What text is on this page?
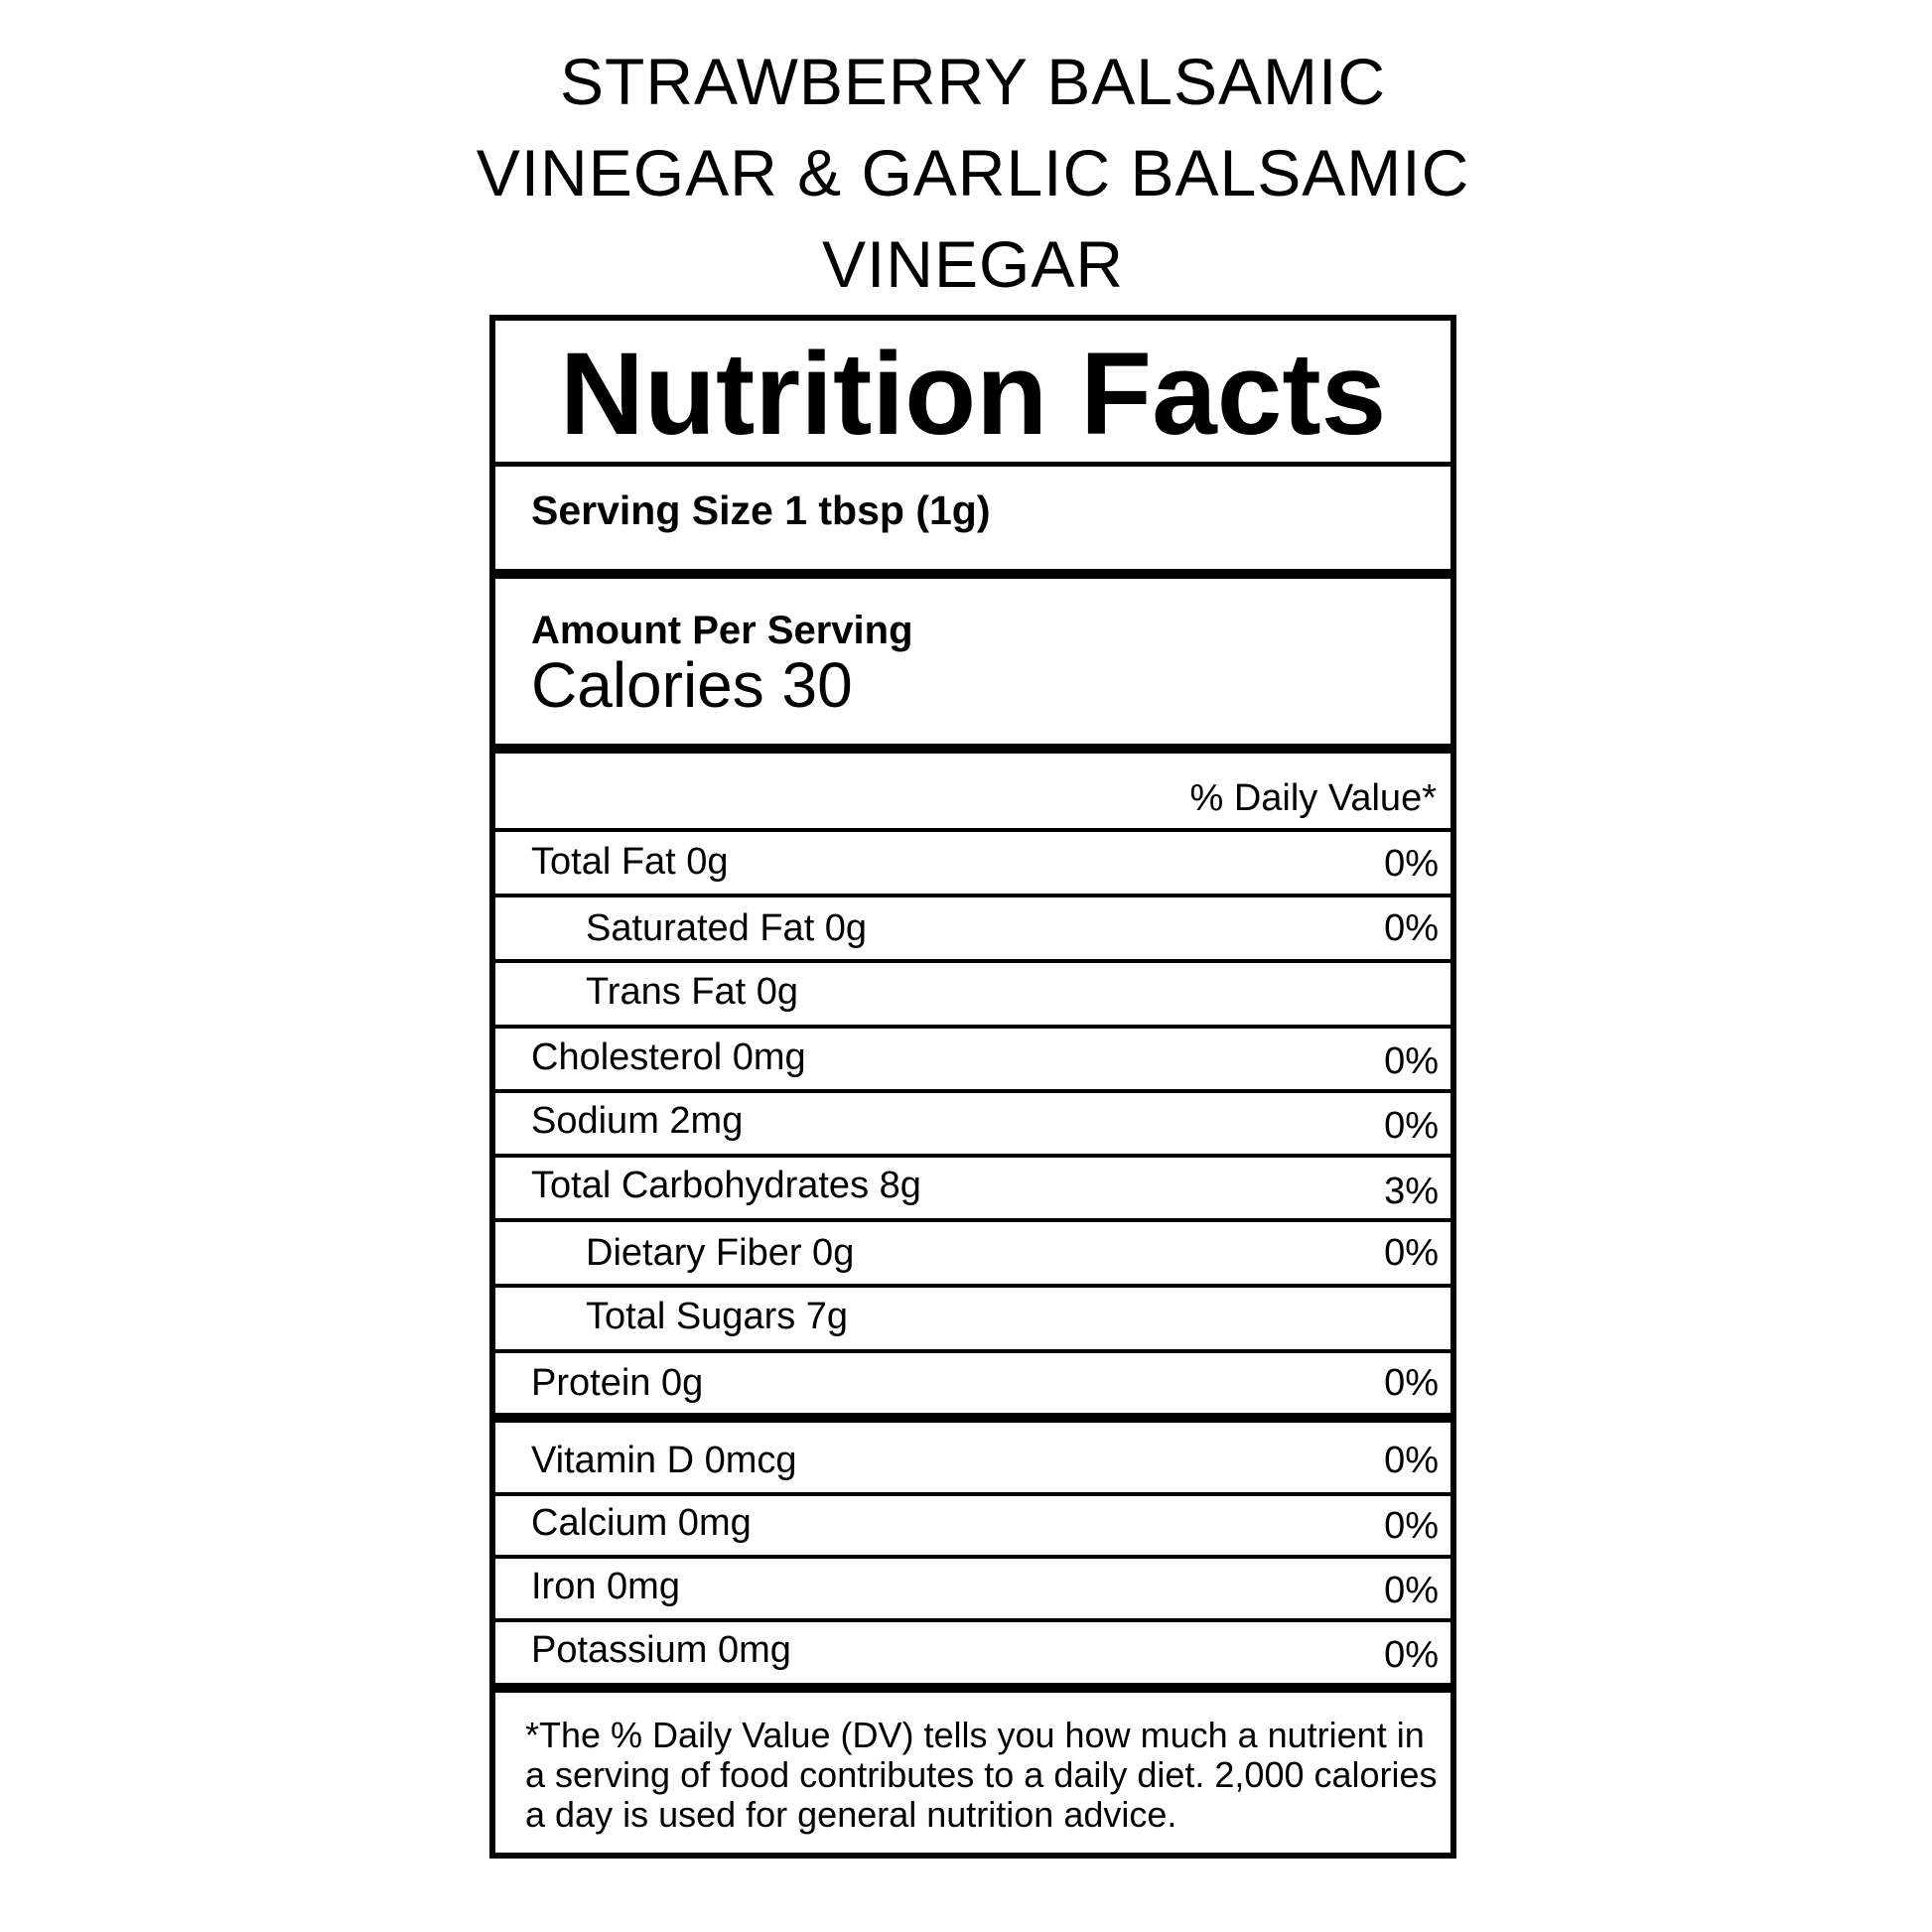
STRAWBERRY BALSAMIC
VINEGAR & GARLIC BALSAMIC
VINEGAR
Nutrition Facts
Serving Size 1 tbsp (1g)
Amount Per Serving
Calories 30
% Daily Value*
Total Fat 0g	0%
Saturated Fat 0g	0%
Trans Fat 0g
Cholesterol 0mg	0%
Sodium 2mg	0%
Total Carbohydrates 8g	3%
Dietary Fiber 0g	0%
Total Sugars 7g
Protein 0g	0%
Vitamin D 0mcg	0%
Calcium 0mg	0%
Iron 0mg	0%
Potassium 0mg	0%
*The % Daily Value (DV) tells you how much a nutrient in a serving of food contributes to a daily diet. 2,000 calories a day is used for general nutrition advice.
